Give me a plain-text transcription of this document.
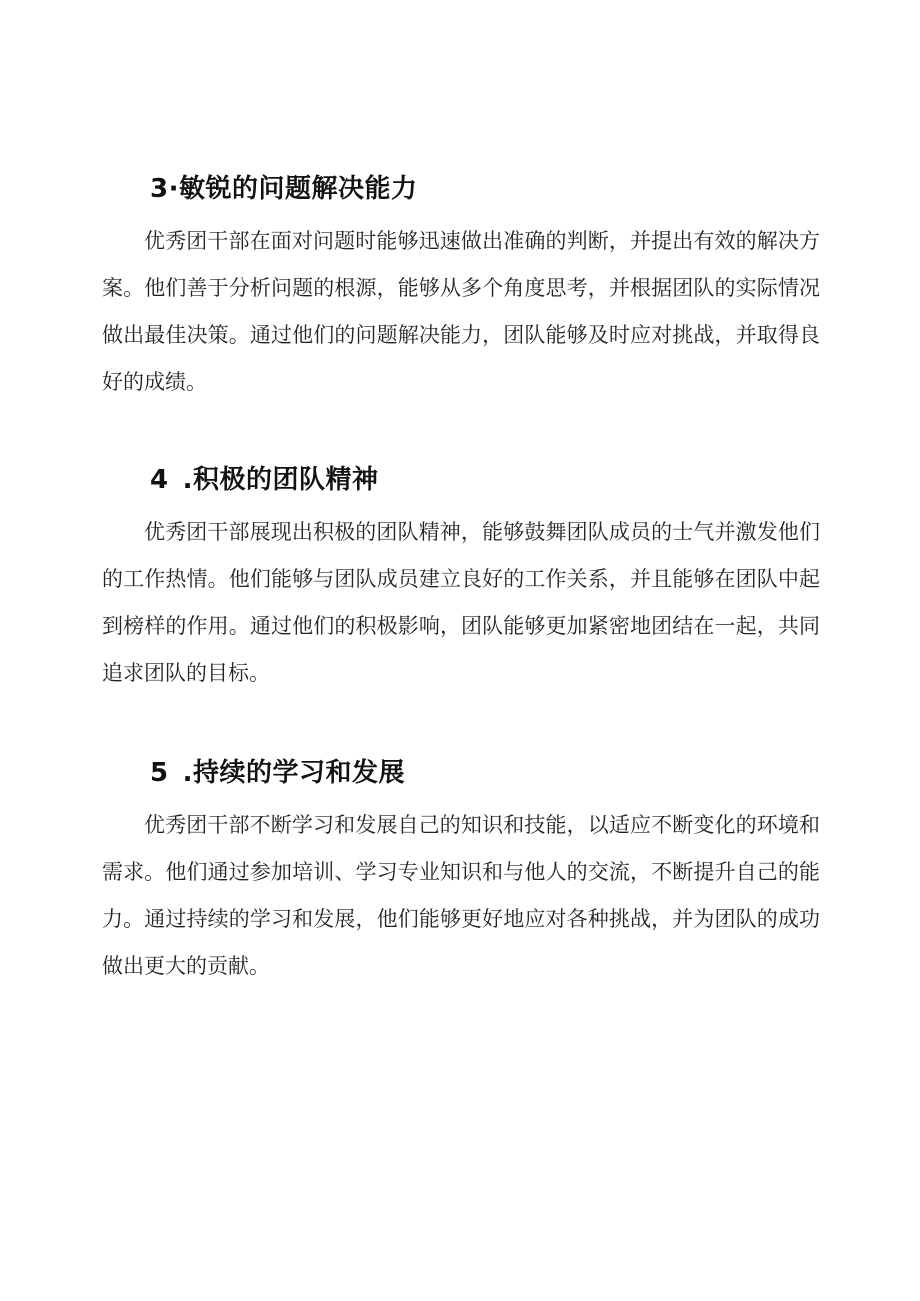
3·敏锐的问题解决能力

优秀团干部在面对问题时能够迅速做出准确的判断，并提出有效的解决方案。他们善于分析问题的根源，能够从多个角度思考，并根据团队的实际情况做出最佳决策。通过他们的问题解决能力，团队能够及时应对挑战，并取得良好的成绩。

4 .积极的团队精神

优秀团干部展现出积极的团队精神，能够鼓舞团队成员的士气并激发他们的工作热情。他们能够与团队成员建立良好的工作关系，并且能够在团队中起到榜样的作用。通过他们的积极影响，团队能够更加紧密地团结在一起，共同追求团队的目标。

5 .持续的学习和发展

优秀团干部不断学习和发展自己的知识和技能，以适应不断变化的环境和需求。他们通过参加培训、学习专业知识和与他人的交流，不断提升自己的能力。通过持续的学习和发展，他们能够更好地应对各种挑战，并为团队的成功做出更大的贡献。
